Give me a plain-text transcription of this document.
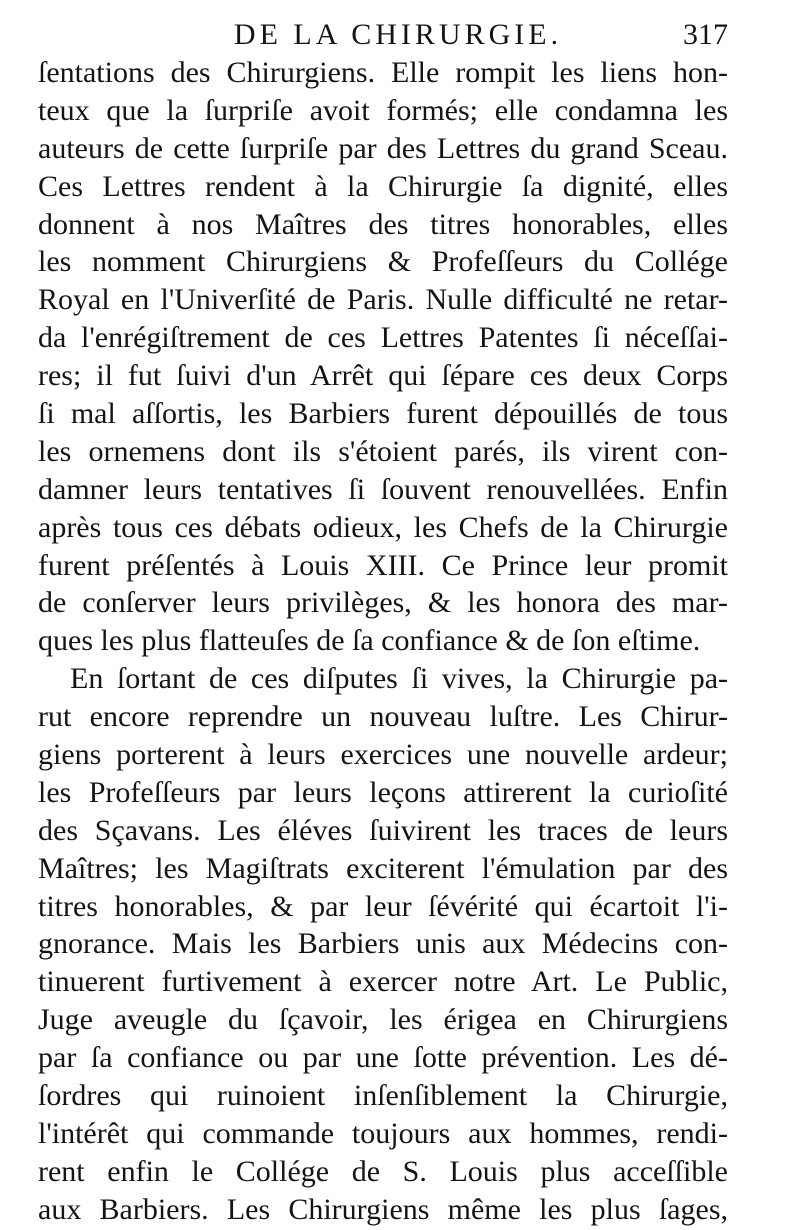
DE LA CHIRURGIE.	317
ſentations des Chirurgiens. Elle rompit les liens hon-
teux que la ſurpriſe avoit formés; elle condamna les
auteurs de cette ſurpriſe par des Lettres du grand Sceau.
Ces Lettres rendent à la Chirurgie ſa dignité, elles
donnent à nos Maîtres des titres honorables, elles
les nomment Chirurgiens & Profeſſeurs du Collége
Royal en l'Univerſité de Paris. Nulle difficulté ne retar-
da l'enrégiſtrement de ces Lettres Patentes ſi néceſſai-
res; il fut ſuivi d'un Arrêt qui ſépare ces deux Corps
ſi mal aſſortis, les Barbiers furent dépouillés de tous
les ornemens dont ils s'étoient parés, ils virent con-
damner leurs tentatives ſi ſouvent renouvellées. Enfin
après tous ces débats odieux, les Chefs de la Chirurgie
furent préſentés à Louis XIII. Ce Prince leur promit
de conſerver leurs privilèges, & les honora des mar-
ques les plus flatteuſes de ſa confiance & de ſon eſtime.
En ſortant de ces diſputes ſi vives, la Chirurgie pa-
rut encore reprendre un nouveau luſtre. Les Chirur-
giens porterent à leurs exercices une nouvelle ardeur;
les Profeſſeurs par leurs leçons attirerent la curioſité
des Sçavans. Les éléves ſuivirent les traces de leurs
Maîtres; les Magiſtrats exciterent l'émulation par des
titres honorables, & par leur ſévérité qui écartoit l'i-
gnorance. Mais les Barbiers unis aux Médecins con-
tinuerent furtivement à exercer notre Art. Le Public,
Juge aveugle du ſçavoir, les érigea en Chirurgiens
par ſa confiance ou par une ſotte prévention. Les dé-
ſordres qui ruinoient inſenſiblement la Chirurgie,
l'intérêt qui commande toujours aux hommes, rendi-
rent enfin le Collége de S. Louis plus acceſſible
aux Barbiers. Les Chirurgiens même les plus ſages,
